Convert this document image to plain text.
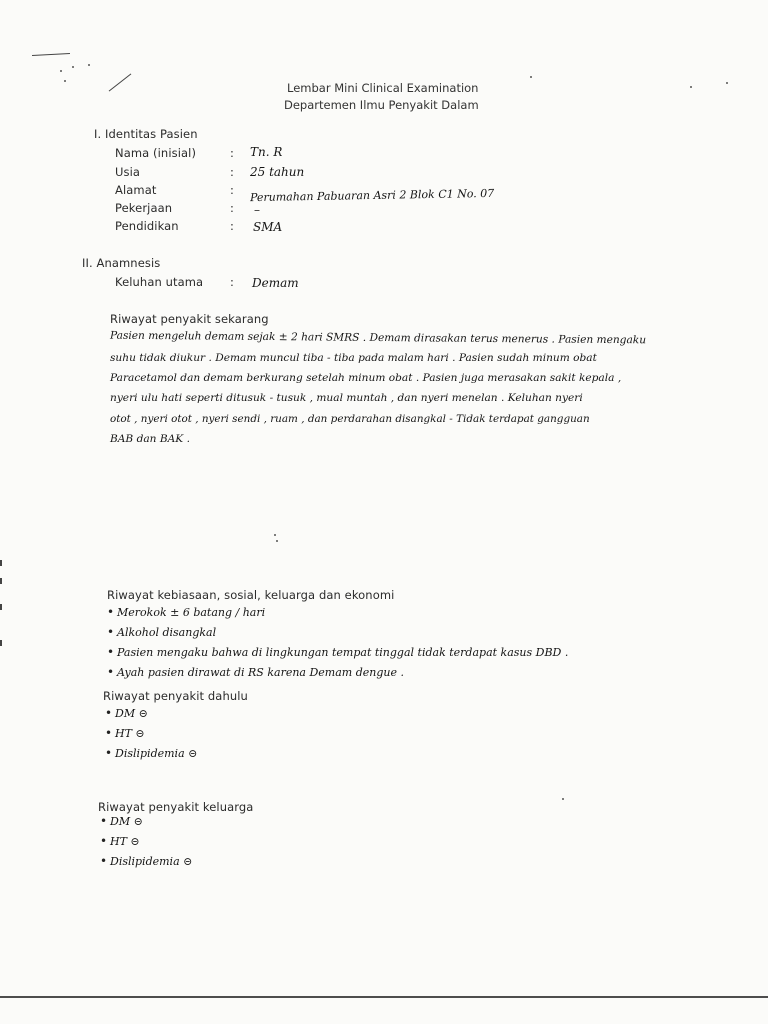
Lembar Mini Clinical Examination
Departemen Ilmu Penyakit Dalam
I. Identitas Pasien
Nama (inisial)	: Tn. R
Usia	: 25 tahun
Alamat	: Perumahan Pabuaran Asri 2 Blok C1 No. 07
Pekerjaan	: –
Pendidikan	: SMA
II. Anamnesis
Keluhan utama : Demam
Riwayat penyakit sekarang
Pasien mengeluh demam sejak ± 2 hari SMRS . Demam dirasakan terus menerus . Pasien mengaku
suhu tidak diukur . Demam muncul tiba - tiba pada malam hari . Pasien sudah minum obat
Paracetamol dan demam berkurang setelah minum obat . Pasien juga merasakan sakit kepala ,
nyeri ulu hati seperti ditusuk - tusuk , mual muntah , dan nyeri menelan . Keluhan nyeri
otot , nyeri otot , nyeri sendi , ruam , dan perdarahan disangkal - Tidak terdapat gangguan
BAB dan BAK .
Riwayat kebiasaan, sosial, keluarga dan ekonomi
• Merokok ± 6 batang / hari
• Alkohol disangkal
• Pasien mengaku bahwa di lingkungan tempat tinggal tidak terdapat kasus DBD .
• Ayah pasien dirawat di RS karena Demam dengue .
Riwayat penyakit dahulu
• DM ⊝
• HT ⊝
• Dislipidemia ⊝
Riwayat penyakit keluarga
• DM ⊝
• HT ⊝
• Dislipidemia ⊝
